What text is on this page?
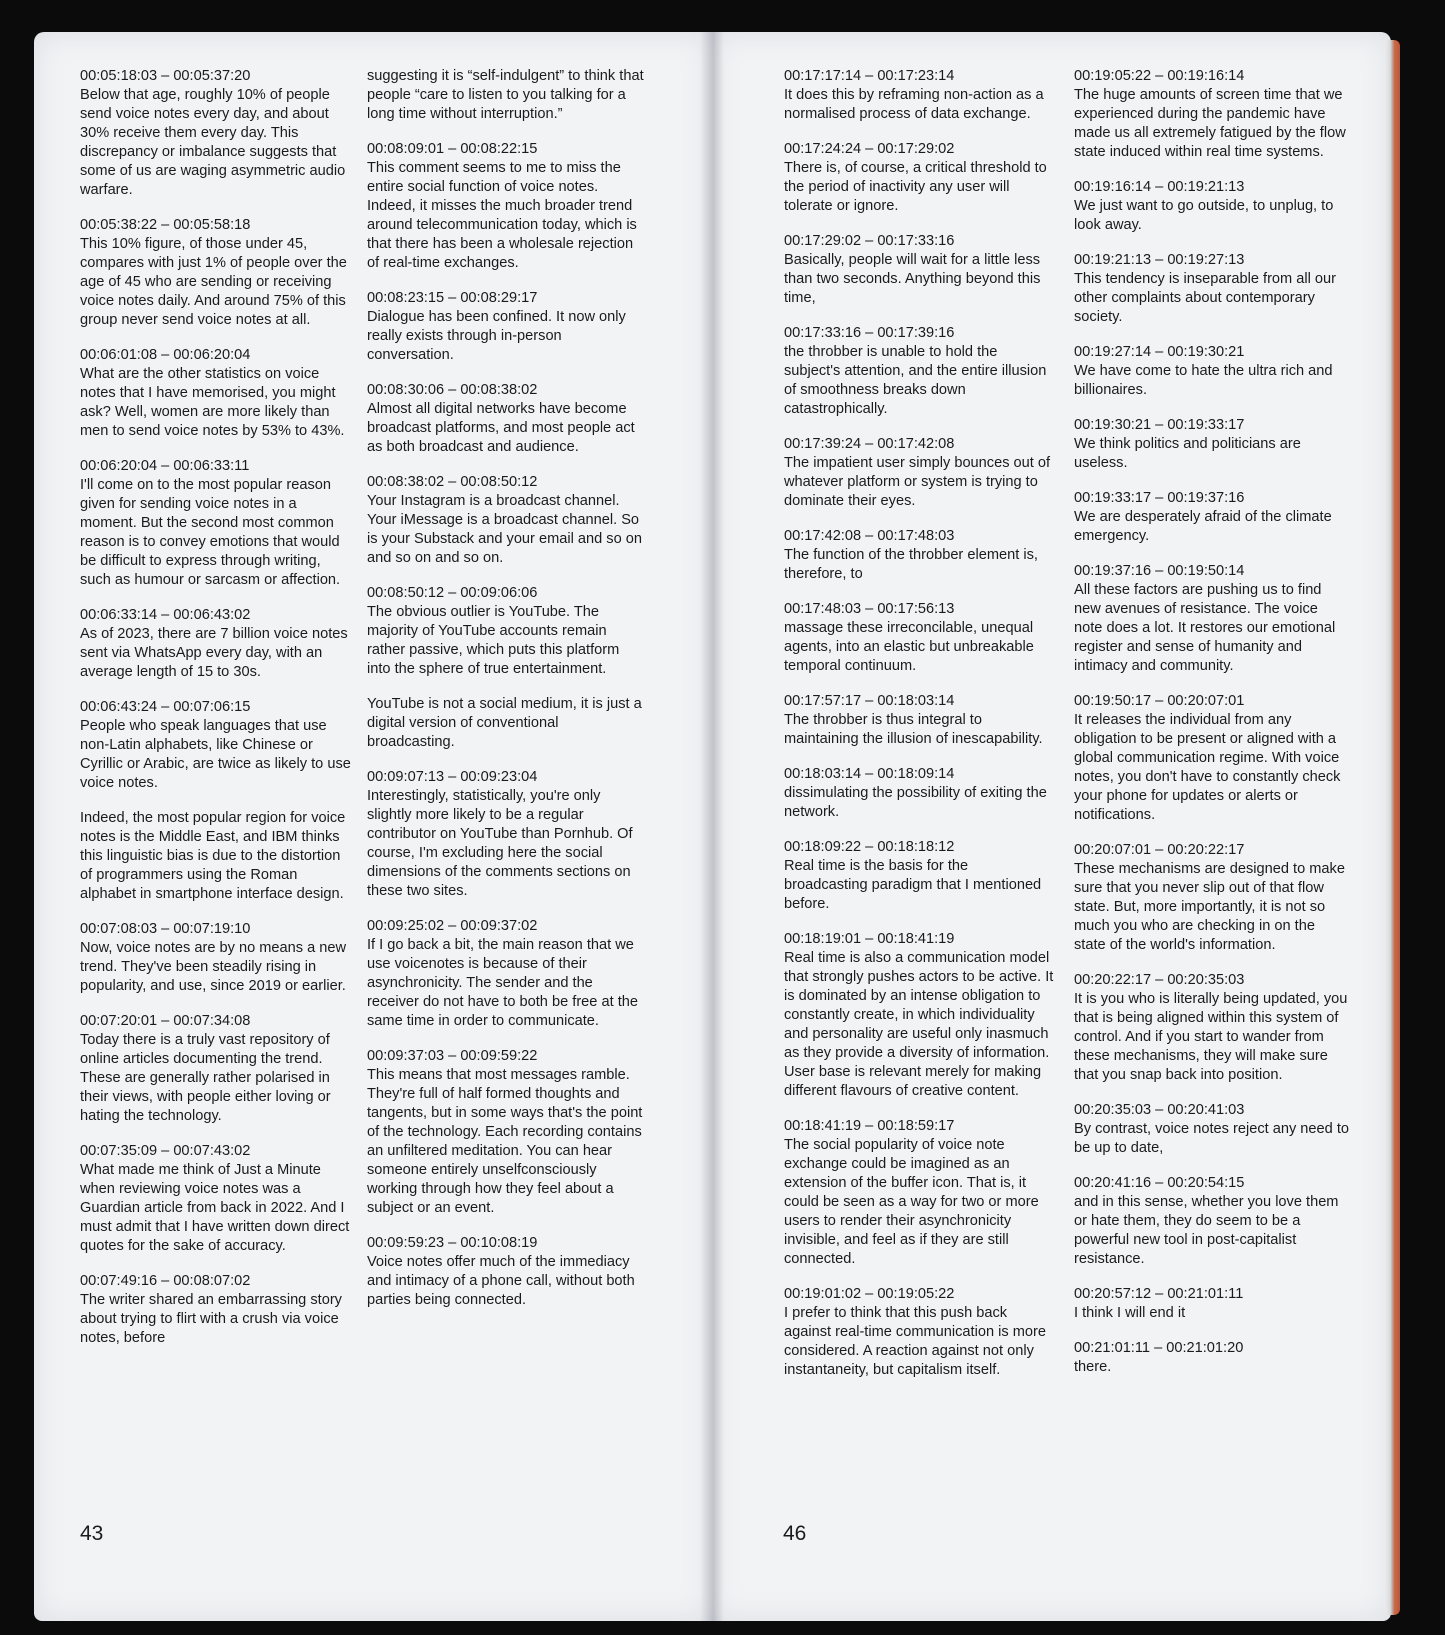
00:05:18:03 – 00:05:37:20
Below that age, roughly 10% of people send voice notes every day, and about 30% receive them every day. This discrepancy or imbalance suggests that some of us are waging asymmetric audio warfare.
00:05:38:22 – 00:05:58:18
This 10% figure, of those under 45, compares with just 1% of people over the age of 45 who are sending or receiving voice notes daily. And around 75% of this group never send voice notes at all.
00:06:01:08 – 00:06:20:04
What are the other statistics on voice notes that I have memorised, you might ask? Well, women are more likely than men to send voice notes by 53% to 43%.
00:06:20:04 – 00:06:33:11
I'll come on to the most popular reason given for sending voice notes in a moment. But the second most common reason is to convey emotions that would be difficult to express through writing, such as humour or sarcasm or affection.
00:06:33:14 – 00:06:43:02
As of 2023, there are 7 billion voice notes sent via WhatsApp every day, with an average length of 15 to 30s.
00:06:43:24 – 00:07:06:15
People who speak languages that use non-Latin alphabets, like Chinese or Cyrillic or Arabic, are twice as likely to use voice notes.
Indeed, the most popular region for voice notes is the Middle East, and IBM thinks this linguistic bias is due to the distortion of programmers using the Roman alphabet in smartphone interface design.
00:07:08:03 – 00:07:19:10
Now, voice notes are by no means a new trend. They've been steadily rising in popularity, and use, since 2019 or earlier.
00:07:20:01 – 00:07:34:08
Today there is a truly vast repository of online articles documenting the trend. These are generally rather polarised in their views, with people either loving or hating the technology.
00:07:35:09 – 00:07:43:02
What made me think of Just a Minute when reviewing voice notes was a Guardian article from back in 2022. And I must admit that I have written down direct quotes for the sake of accuracy.
00:07:49:16 – 00:08:07:02
The writer shared an embarrassing story about trying to flirt with a crush via voice notes, before
suggesting it is “self-indulgent” to think that people “care to listen to you talking for a long time without interruption.”
00:08:09:01 – 00:08:22:15
This comment seems to me to miss the entire social function of voice notes. Indeed, it misses the much broader trend around telecommunication today, which is that there has been a wholesale rejection of real-time exchanges.
00:08:23:15 – 00:08:29:17
Dialogue has been confined. It now only really exists through in-person conversation.
00:08:30:06 – 00:08:38:02
Almost all digital networks have become broadcast platforms, and most people act as both broadcast and audience.
00:08:38:02 – 00:08:50:12
Your Instagram is a broadcast channel. Your iMessage is a broadcast channel. So is your Substack and your email and so on and so on and so on.
00:08:50:12 – 00:09:06:06
The obvious outlier is YouTube. The majority of YouTube accounts remain rather passive, which puts this platform into the sphere of true entertainment.
YouTube is not a social medium, it is just a digital version of conventional broadcasting.
00:09:07:13 – 00:09:23:04
Interestingly, statistically, you're only slightly more likely to be a regular contributor on YouTube than Pornhub. Of course, I'm excluding here the social dimensions of the comments sections on these two sites.
00:09:25:02 – 00:09:37:02
If I go back a bit, the main reason that we use voicenotes is because of their asynchronicity. The sender and the receiver do not have to both be free at the same time in order to communicate.
00:09:37:03 – 00:09:59:22
This means that most messages ramble. They're full of half formed thoughts and tangents, but in some ways that's the point of the technology. Each recording contains an unfiltered meditation. You can hear someone entirely unselfconsciously working through how they feel about a subject or an event.
00:09:59:23 – 00:10:08:19
Voice notes offer much of the immediacy and intimacy of a phone call, without both parties being connected.
00:17:17:14 – 00:17:23:14
It does this by reframing non-action as a normalised process of data exchange.
00:17:24:24 – 00:17:29:02
There is, of course, a critical threshold to the period of inactivity any user will tolerate or ignore.
00:17:29:02 – 00:17:33:16
Basically, people will wait for a little less than two seconds. Anything beyond this time,
00:17:33:16 – 00:17:39:16
the throbber is unable to hold the subject's attention, and the entire illusion of smoothness breaks down catastrophically.
00:17:39:24 – 00:17:42:08
The impatient user simply bounces out of whatever platform or system is trying to dominate their eyes.
00:17:42:08 – 00:17:48:03
The function of the throbber element is, therefore, to
00:17:48:03 – 00:17:56:13
massage these irreconcilable, unequal agents, into an elastic but unbreakable temporal continuum.
00:17:57:17 – 00:18:03:14
The throbber is thus integral to maintaining the illusion of inescapability.
00:18:03:14 – 00:18:09:14
dissimulating the possibility of exiting the network.
00:18:09:22 – 00:18:18:12
Real time is the basis for the broadcasting paradigm that I mentioned before.
00:18:19:01 – 00:18:41:19
Real time is also a communication model that strongly pushes actors to be active. It is dominated by an intense obligation to constantly create, in which individuality and personality are useful only inasmuch as they provide a diversity of information. User base is relevant merely for making different flavours of creative content.
00:18:41:19 – 00:18:59:17
The social popularity of voice note exchange could be imagined as an extension of the buffer icon. That is, it could be seen as a way for two or more users to render their asynchronicity invisible, and feel as if they are still connected.
00:19:01:02 – 00:19:05:22
I prefer to think that this push back against real-time communication is more considered. A reaction against not only instantaneity, but capitalism itself.
00:19:05:22 – 00:19:16:14
The huge amounts of screen time that we experienced during the pandemic have made us all extremely fatigued by the flow state induced within real time systems.
00:19:16:14 – 00:19:21:13
We just want to go outside, to unplug, to look away.
00:19:21:13 – 00:19:27:13
This tendency is inseparable from all our other complaints about contemporary society.
00:19:27:14 – 00:19:30:21
We have come to hate the ultra rich and billionaires.
00:19:30:21 – 00:19:33:17
We think politics and politicians are useless.
00:19:33:17 – 00:19:37:16
We are desperately afraid of the climate emergency.
00:19:37:16 – 00:19:50:14
All these factors are pushing us to find new avenues of resistance. The voice note does a lot. It restores our emotional register and sense of humanity and intimacy and community.
00:19:50:17 – 00:20:07:01
It releases the individual from any obligation to be present or aligned with a global communication regime. With voice notes, you don't have to constantly check your phone for updates or alerts or notifications.
00:20:07:01 – 00:20:22:17
These mechanisms are designed to make sure that you never slip out of that flow state. But, more importantly, it is not so much you who are checking in on the state of the world's information.
00:20:22:17 – 00:20:35:03
It is you who is literally being updated, you that is being aligned within this system of control. And if you start to wander from these mechanisms, they will make sure that you snap back into position.
00:20:35:03 – 00:20:41:03
By contrast, voice notes reject any need to be up to date,
00:20:41:16 – 00:20:54:15
and in this sense, whether you love them or hate them, they do seem to be a powerful new tool in post-capitalist resistance.
00:20:57:12 – 00:21:01:11
I think I will end it
00:21:01:11 – 00:21:01:20
there.
43	46
